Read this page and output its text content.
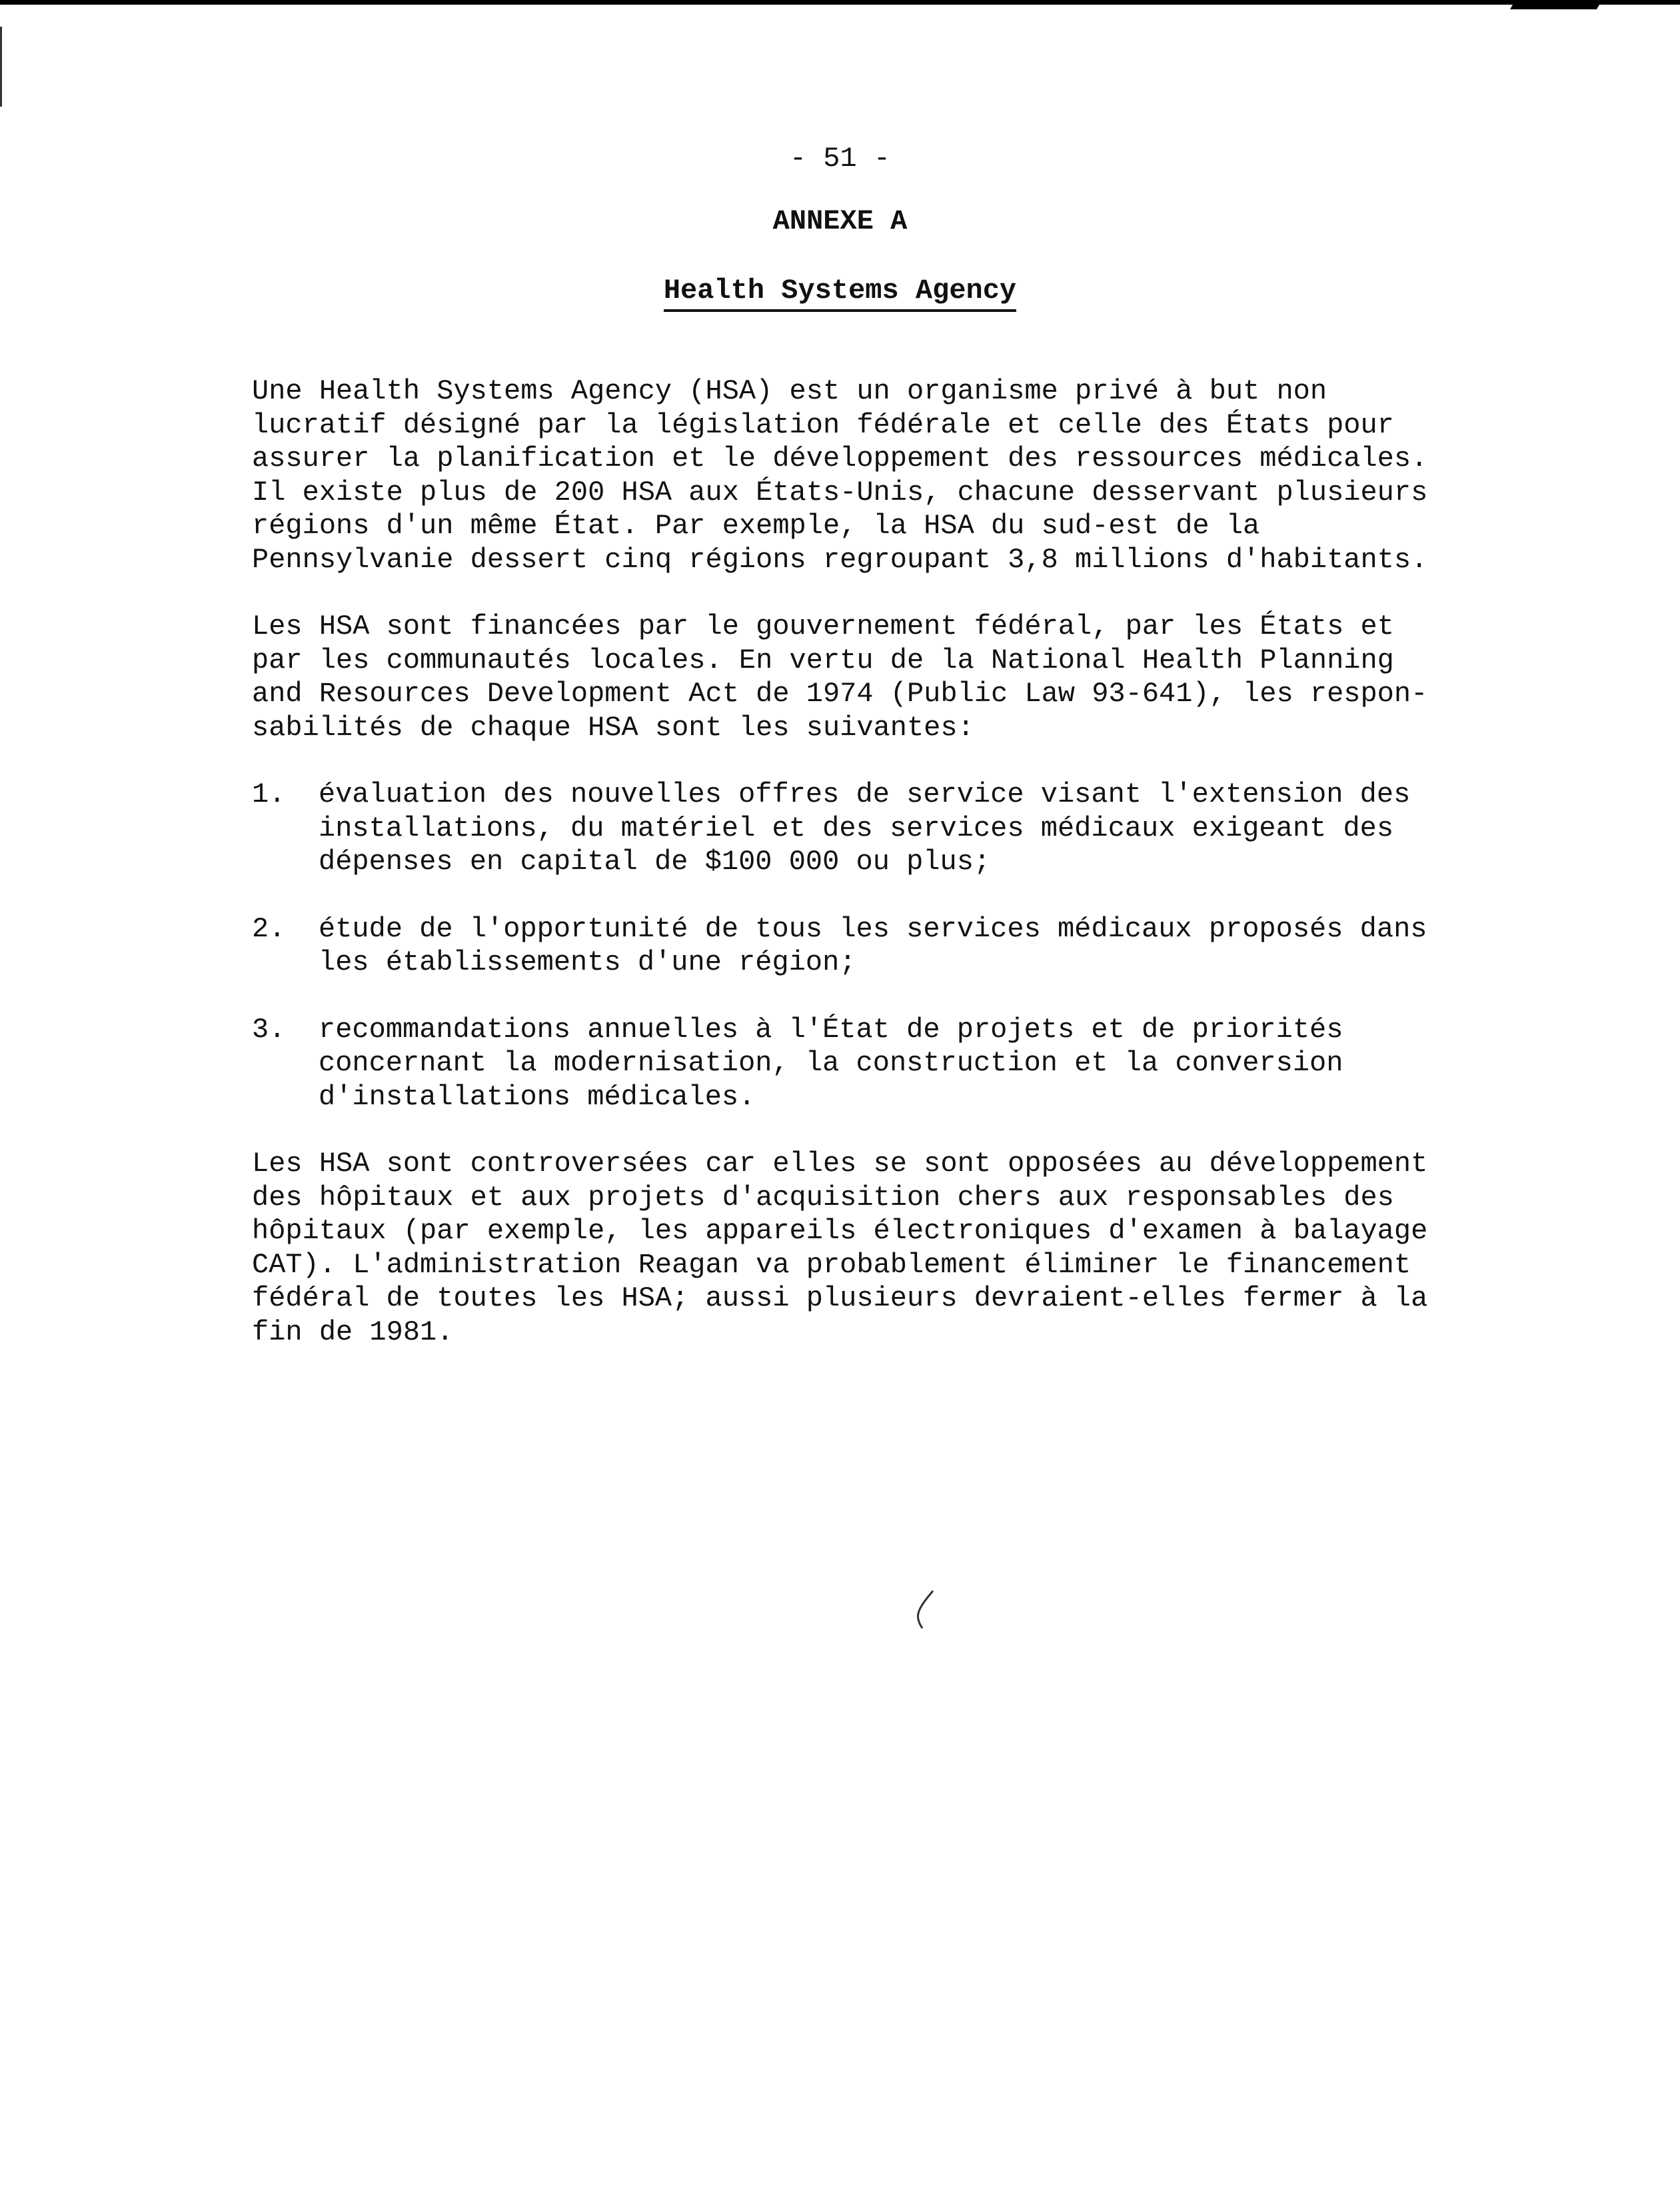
- 51 -
ANNEXE A
Health Systems Agency

Une Health Systems Agency (HSA) est un organisme privé à but non
lucratif désigné par la législation fédérale et celle des États pour
assurer la planification et le développement des ressources médicales.
Il existe plus de 200 HSA aux États-Unis, chacune desservant plusieurs
régions d'un même État. Par exemple, la HSA du sud-est de la
Pennsylvanie dessert cinq régions regroupant 3,8 millions d'habitants.

Les HSA sont financées par le gouvernement fédéral, par les États et
par les communautés locales. En vertu de la National Health Planning
and Resources Development Act de 1974 (Public Law 93-641), les respon-
sabilités de chaque HSA sont les suivantes:

1.	évaluation des nouvelles offres de service visant l'extension des
installations, du matériel et des services médicaux exigeant des
dépenses en capital de $100 000 ou plus;
2.	étude de l'opportunité de tous les services médicaux proposés dans
les établissements d'une région;
3.	recommandations annuelles à l'État de projets et de priorités
concernant la modernisation, la construction et la conversion
d'installations médicales.

Les HSA sont controversées car elles se sont opposées au développement
des hôpitaux et aux projets d'acquisition chers aux responsables des
hôpitaux (par exemple, les appareils électroniques d'examen à balayage
CAT). L'administration Reagan va probablement éliminer le financement
fédéral de toutes les HSA; aussi plusieurs devraient-elles fermer à la
fin de 1981.
